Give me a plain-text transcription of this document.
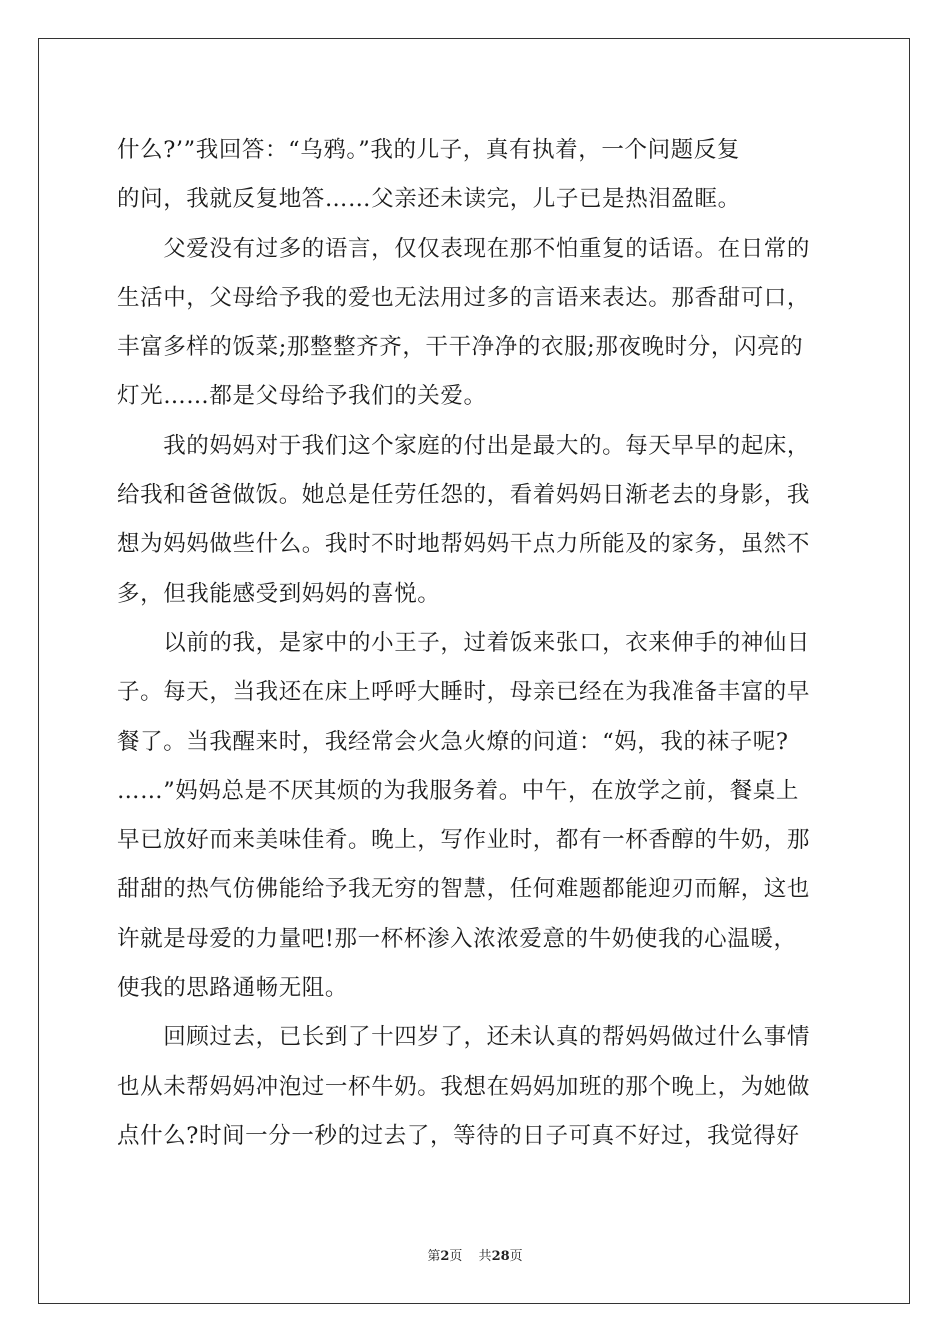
什么?’”我回答：“乌鸦。”我的儿子，真有执着，一个问题反复
的问，我就反复地答……父亲还未读完，儿子已是热泪盈眶。
　　父爱没有过多的语言，仅仅表现在那不怕重复的话语。在日常的
生活中，父母给予我的爱也无法用过多的言语来表达。那香甜可口，
丰富多样的饭菜;那整整齐齐，干干净净的衣服;那夜晚时分，闪亮的
灯光……都是父母给予我们的关爱。
　　我的妈妈对于我们这个家庭的付出是最大的。每天早早的起床，
给我和爸爸做饭。她总是任劳任怨的，看着妈妈日渐老去的身影，我
想为妈妈做些什么。我时不时地帮妈妈干点力所能及的家务，虽然不
多，但我能感受到妈妈的喜悦。
　　以前的我，是家中的小王子，过着饭来张口，衣来伸手的神仙日
子。每天，当我还在床上呼呼大睡时，母亲已经在为我准备丰富的早
餐了。当我醒来时，我经常会火急火燎的问道：“妈，我的袜子呢?
……”妈妈总是不厌其烦的为我服务着。中午，在放学之前，餐桌上
早已放好而来美味佳肴。晚上，写作业时，都有一杯香醇的牛奶，那
甜甜的热气仿佛能给予我无穷的智慧，任何难题都能迎刃而解，这也
许就是母爱的力量吧!那一杯杯渗入浓浓爱意的牛奶使我的心温暖，
使我的思路通畅无阻。
　　回顾过去，已长到了十四岁了，还未认真的帮妈妈做过什么事情
也从未帮妈妈冲泡过一杯牛奶。我想在妈妈加班的那个晚上，为她做
点什么?时间一分一秒的过去了，等待的日子可真不好过，我觉得好
第2页 共28页
